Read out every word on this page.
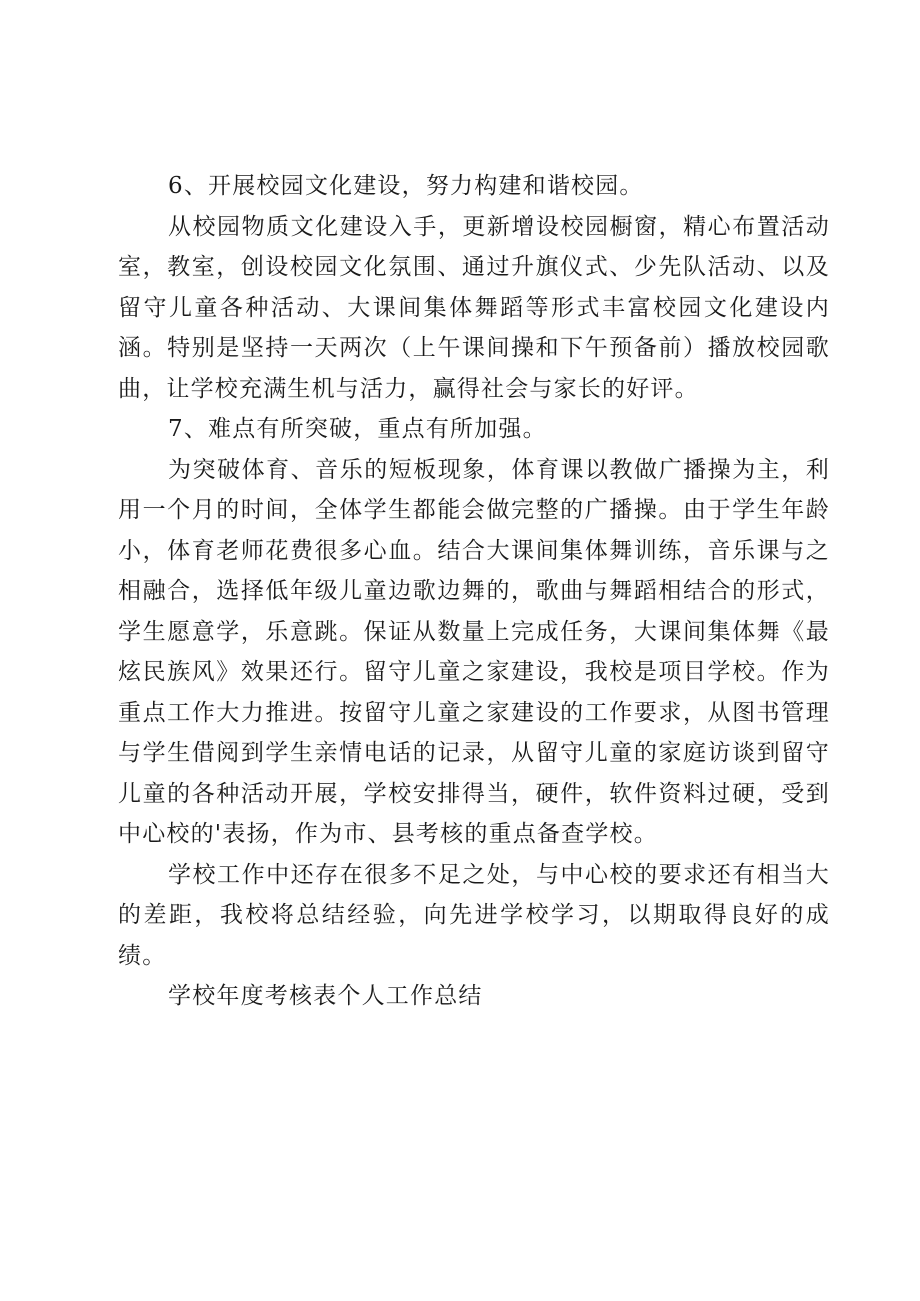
6、开展校园文化建设，努力构建和谐校园。

从校园物质文化建设入手，更新增设校园橱窗，精心布置活动室，教室，创设校园文化氛围、通过升旗仪式、少先队活动、以及留守儿童各种活动、大课间集体舞蹈等形式丰富校园文化建设内涵。特别是坚持一天两次（上午课间操和下午预备前）播放校园歌曲，让学校充满生机与活力，赢得社会与家长的好评。

7、难点有所突破，重点有所加强。

为突破体育、音乐的短板现象，体育课以教做广播操为主，利用一个月的时间，全体学生都能会做完整的广播操。由于学生年龄小，体育老师花费很多心血。结合大课间集体舞训练，音乐课与之相融合，选择低年级儿童边歌边舞的，歌曲与舞蹈相结合的形式，学生愿意学，乐意跳。保证从数量上完成任务，大课间集体舞《最炫民族风》效果还行。留守儿童之家建设，我校是项目学校。作为重点工作大力推进。按留守儿童之家建设的工作要求，从图书管理与学生借阅到学生亲情电话的记录，从留守儿童的家庭访谈到留守儿童的各种活动开展，学校安排得当，硬件，软件资料过硬，受到中心校的'表扬，作为市、县考核的重点备查学校。

学校工作中还存在很多不足之处，与中心校的要求还有相当大的差距，我校将总结经验，向先进学校学习，以期取得良好的成绩。

学校年度考核表个人工作总结
